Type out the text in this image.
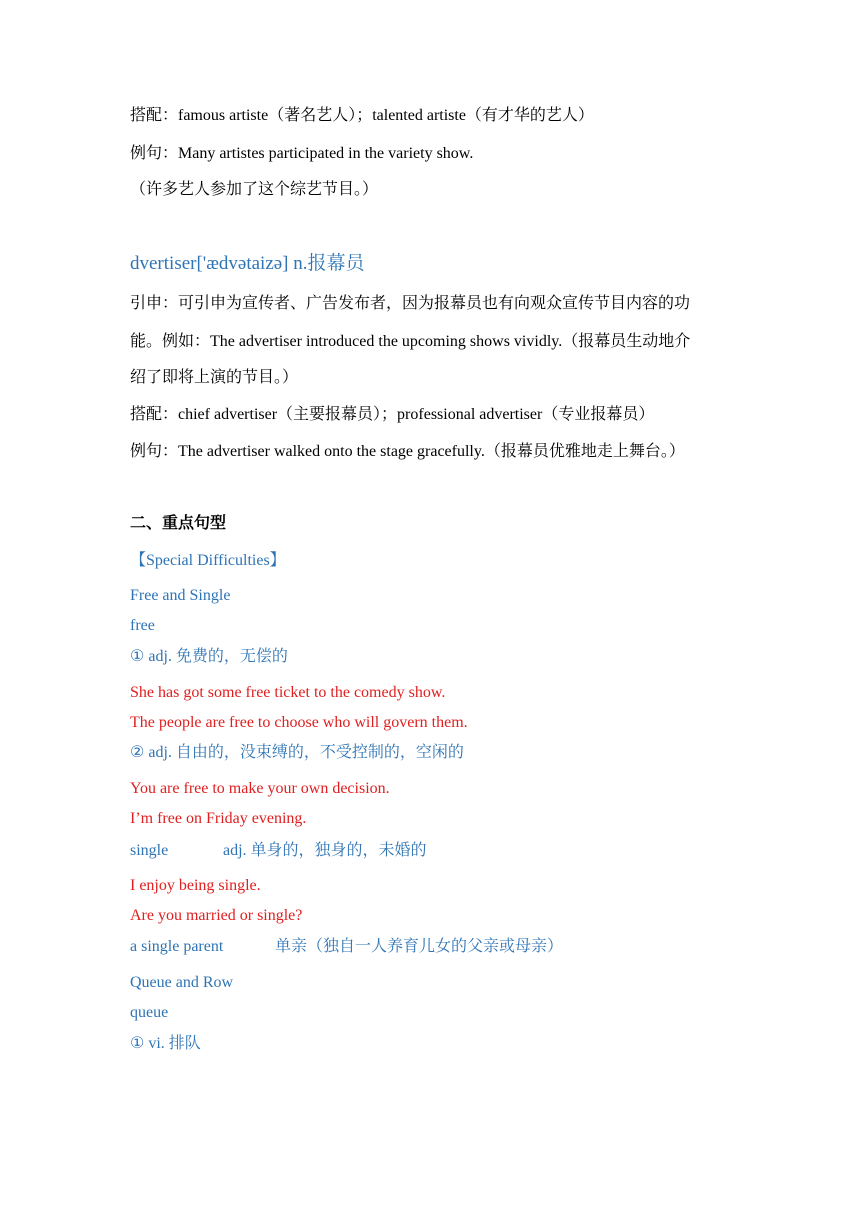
搭配：famous artiste（著名艺人）；talented artiste（有才华的艺人）
例句：Many artistes participated in the variety show.
（许多艺人参加了这个综艺节目。）
dvertiser['ædvətaizə] n.报幕员
引申：可引申为宣传者、广告发布者，因为报幕员也有向观众宣传节目内容的功
能。例如：The advertiser introduced the upcoming shows vividly.（报幕员生动地介
绍了即将上演的节目。）
搭配：chief advertiser（主要报幕员）；professional advertiser（专业报幕员）
例句：The advertiser walked onto the stage gracefully.（报幕员优雅地走上舞台。）
二、重点句型
【Special Difficulties】
Free and Single
free
① adj. 免费的，无偿的
She has got some free ticket to the comedy show.
The people are free to choose who will govern them.
② adj. 自由的，没束缚的，不受控制的，空闲的
You are free to make your own decision.
I’m free on Friday evening.
single	adj. 单身的，独身的，未婚的
I enjoy being single.
Are you married or single?
a single parent	单亲（独自一人养育儿女的父亲或母亲）
Queue and Row
queue
① vi. 排队
